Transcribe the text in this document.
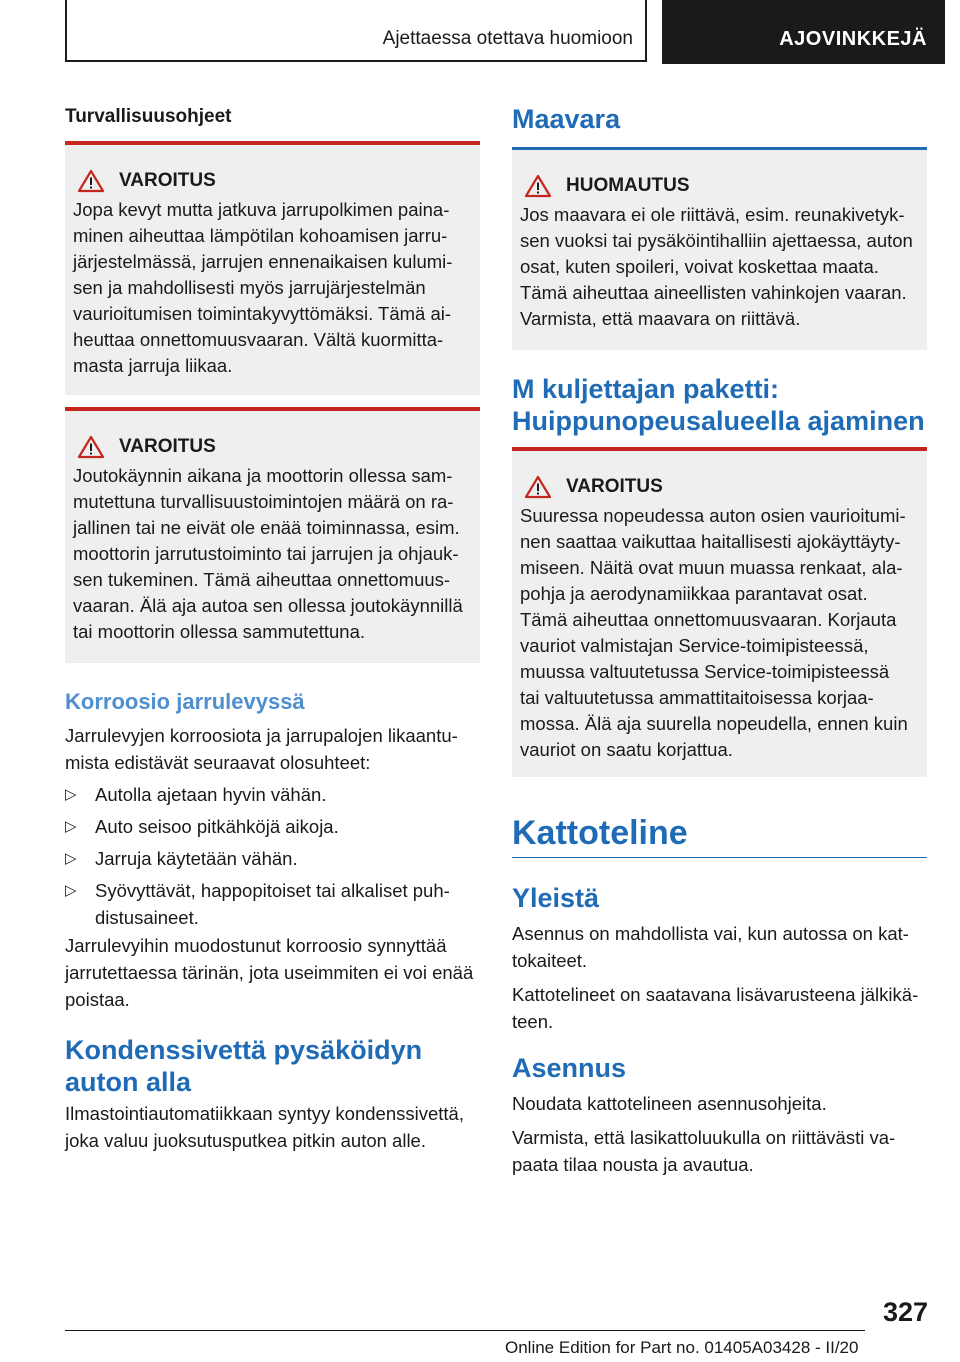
Ajettaessa otettava huomioon	AJOVINKKEJÄ
Turvallisuusohjeet
VAROITUS

Jopa kevyt mutta jatkuva jarrupolkimen paina-

minen aiheuttaa lämpötilan kohoamisen jarru-

järjestelmässä, jarrujen ennenaikaisen kulumi-

sen ja mahdollisesti myös jarrujärjestelmän

vaurioitumisen toimintakyvyttömäksi. Tämä ai-

heuttaa onnettomuusvaaran. Vältä kuormitta-

masta jarruja liikaa.

VAROITUS

Joutokäynnin aikana ja moottorin ollessa sam-

mutettuna turvallisuustoimintojen määrä on ra-

jallinen tai ne eivät ole enää toiminnassa, esim.

moottorin jarrutustoiminto tai jarrujen ja ohjauk-

sen tukeminen. Tämä aiheuttaa onnettomuus-

vaaran. Älä aja autoa sen ollessa joutokäynnillä

tai moottorin ollessa sammutettuna.

Korroosio jarrulevyssä

Jarrulevyjen korroosiota ja jarrupalojen likaantu-

mista edistävät seuraavat olosuhteet:

▷ Autolla ajetaan hyvin vähän.
▷ Auto seisoo pitkähköjä aikoja.
▷ Jarruja käytetään vähän.
▷ Syövyttävät, happopitoiset tai alkaliset puh-
distusaineet.

Jarrulevyihin muodostunut korroosio synnyttää

jarrutettaessa tärinän, jota useimmiten ei voi enää

poistaa.

Kondenssivettä pysäköidyn
auton alla

Ilmastointiautomatiikkaan syntyy kondenssivettä,

joka valuu juoksutusputkea pitkin auton alle.

Maavara
HUOMAUTUS

Jos maavara ei ole riittävä, esim. reunakivetyk-

sen vuoksi tai pysäköintihalliin ajettaessa, auton

osat, kuten spoileri, voivat koskettaa maata.

Tämä aiheuttaa aineellisten vahinkojen vaaran.

Varmista, että maavara on riittävä.

M kuljettajan paketti:
Huippunopeusalueella ajaminen
VAROITUS

Suuressa nopeudessa auton osien vaurioitumi-

nen saattaa vaikuttaa haitallisesti ajokäyttäyty-

miseen. Näitä ovat muun muassa renkaat, ala-

pohja ja aerodynamiikkaa parantavat osat.

Tämä aiheuttaa onnettomuusvaaran. Korjauta

vauriot valmistajan Service-toimipisteessä,

muussa valtuutetussa Service-toimipisteessä

tai valtuutetussa ammattitaitoisessa korjaa-

mossa. Älä aja suurella nopeudella, ennen kuin

vauriot on saatu korjattua.

Kattoteline
Yleistä

Asennus on mahdollista vai, kun autossa on kat-

tokaiteet.

Kattotelineet on saatavana lisävarusteena jälkikä-

teen.

Asennus

Noudata kattotelineen asennusohjeita.

Varmista, että lasikattoluukulla on riittävästi va-

paata tilaa nousta ja avautua.

327
Online Edition for Part no. 01405A03428 - II/20
